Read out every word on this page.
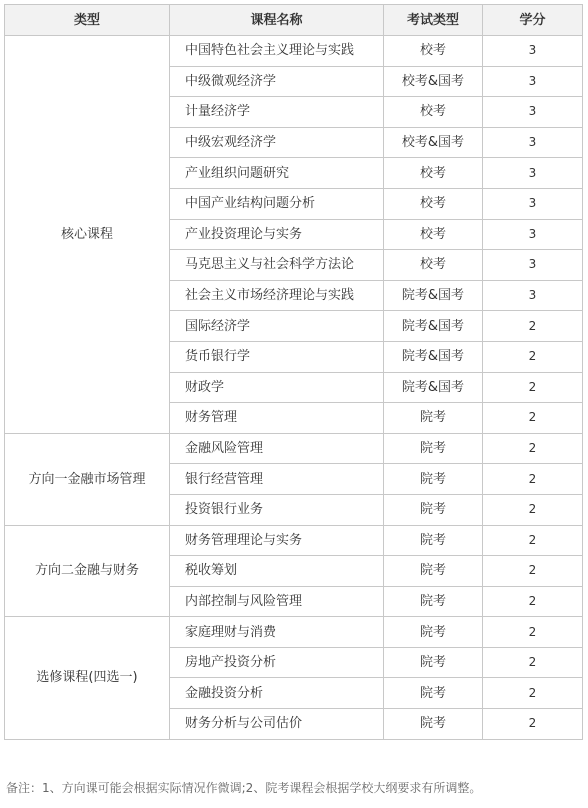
类型	课程名称	考试类型	学分
核心课程	中国特色社会主义理论与实践	校考	3
	中级微观经济学	校考&国考	3
	计量经济学	校考	3
	中级宏观经济学	校考&国考	3
	产业组织问题研究	校考	3
	中国产业结构问题分析	校考	3
	产业投资理论与实务	校考	3
	马克思主义与社会科学方法论	校考	3
	社会主义市场经济理论与实践	院考&国考	3
	国际经济学	院考&国考	2
	货币银行学	院考&国考	2
	财政学	院考&国考	2
	财务管理	院考	2
方向一金融市场管理	金融风险管理	院考	2
	银行经营管理	院考	2
	投资银行业务	院考	2
方向二金融与财务	财务管理理论与实务	院考	2
	税收筹划	院考	2
	内部控制与风险管理	院考	2
选修课程(四选一)	家庭理财与消费	院考	2
	房地产投资分析	院考	2
	金融投资分析	院考	2
	财务分析与公司估价	院考	2
备注：1、方向课可能会根据实际情况作微调;2、院考课程会根据学校大纲要求有所调整。
